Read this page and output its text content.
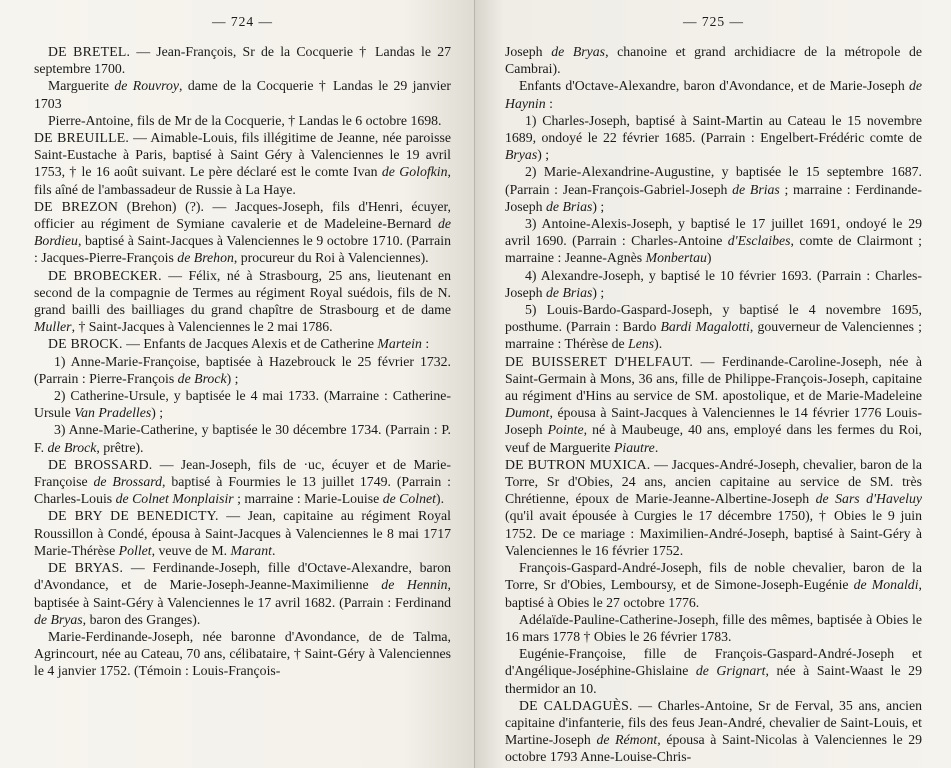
— 724 —

DE BRETEL. — Jean-François, Sr de la Cocquerie † Landas le 27 septembre 1700.

Marguerite de Rouvroy, dame de la Cocquerie † Landas le 29 janvier 1703

Pierre-Antoine, fils de Mr de la Cocquerie, † Landas le 6 octobre 1698.

DE BREUILLE. — Aimable-Louis, fils illégitime de Jeanne, née paroisse Saint-Eustache à Paris, baptisé à Saint Géry à Valenciennes le 19 avril 1753, † le 16 août suivant. Le père déclaré est le comte Ivan de Golofkin, fils aîné de l'ambassadeur de Russie à La Haye.

DE BREZON (Brehon) (?). — Jacques-Joseph, fils d'Henri, écuyer, officier au régiment de Symiane cavalerie et de Madeleine-Bernard de Bordieu, baptisé à Saint-Jacques à Valenciennes le 9 octobre 1710. (Parrain : Jacques-Pierre-François de Brehon, procureur du Roi à Valenciennes).

DE BROBECKER. — Félix, né à Strasbourg, 25 ans, lieutenant en second de la compagnie de Termes au régiment Royal suédois, fils de N. grand bailli des bailliages du grand chapître de Strasbourg et de dame Muller, † Saint-Jacques à Valenciennes le 2 mai 1786.

DE BROCK. — Enfants de Jacques Alexis et de Catherine Martein :

1) Anne-Marie-Françoise, baptisée à Hazebrouck le 25 février 1732. (Parrain : Pierre-François de Brock) ;

2) Catherine-Ursule, y baptisée le 4 mai 1733. (Marraine : Catherine-Ursule Van Pradelles) ;

3) Anne-Marie-Catherine, y baptisée le 30 décembre 1734. (Parrain : P. F. de Brock, prêtre).

DE BROSSARD. — Jean-Joseph, fils de ·uc, écuyer et de Marie-Françoise de Brossard, baptisé à Fourmies le 13 juillet 1749. (Parrain : Charles-Louis de Colnet Monplaisir ; marraine : Marie-Louise de Colnet).

DE BRY DE BENEDICTY. — Jean, capitaine au régiment Royal Roussillon à Condé, épousa à Saint-Jacques à Valenciennes le 8 mai 1717 Marie-Thérèse Pollet, veuve de M. Marant.

DE BRYAS. — Ferdinande-Joseph, fille d'Octave-Alexandre, baron d'Avondance, et de Marie-Joseph-Jeanne-Maximilienne de Hennin, baptisée à Saint-Géry à Valenciennes le 17 avril 1682. (Parrain : Ferdinand de Bryas, baron des Granges).

Marie-Ferdinande-Joseph, née baronne d'Avondance, de de Talma, Agrincourt, née au Cateau, 70 ans, célibataire, † Saint-Géry à Valenciennes le 4 janvier 1752. (Témoin : Louis-François-

— 725 —

Joseph de Bryas, chanoine et grand archidiacre de la métropole de Cambrai).

Enfants d'Octave-Alexandre, baron d'Avondance, et de Marie-Joseph de Haynin :

1) Charles-Joseph, baptisé à Saint-Martin au Cateau le 15 novembre 1689, ondoyé le 22 février 1685. (Parrain : Engelbert-Frédéric comte de Bryas) ;

2) Marie-Alexandrine-Augustine, y baptisée le 15 septembre 1687. (Parrain : Jean-François-Gabriel-Joseph de Brias ; marraine : Ferdinande-Joseph de Brias) ;

3) Antoine-Alexis-Joseph, y baptisé le 17 juillet 1691, ondoyé le 29 avril 1690. (Parrain : Charles-Antoine d'Esclaibes, comte de Clairmont ; marraine : Jeanne-Agnès Monbertau)

4) Alexandre-Joseph, y baptisé le 10 février 1693. (Parrain : Charles-Joseph de Brias) ;

5) Louis-Bardo-Gaspard-Joseph, y baptisé le 4 novembre 1695, posthume. (Parrain : Bardo Bardi Magalotti, gouverneur de Valenciennes ; marraine : Thérèse de Lens).

DE BUISSERET D'HELFAUT. — Ferdinande-Caroline-Joseph, née à Saint-Germain à Mons, 36 ans, fille de Philippe-François-Joseph, capitaine au régiment d'Hins au service de SM. apostolique, et de Marie-Madeleine Dumont, épousa à Saint-Jacques à Valenciennes le 14 février 1776 Louis-Joseph Pointe, né à Maubeuge, 40 ans, employé dans les fermes du Roi, veuf de Marguerite Piautre.

DE BUTRON MUXICA. — Jacques-André-Joseph, chevalier, baron de la Torre, Sr d'Obies, 24 ans, ancien capitaine au service de SM. très Chrétienne, époux de Marie-Jeanne-Albertine-Joseph de Sars d'Haveluy (qu'il avait épousée à Curgies le 17 décembre 1750), † Obies le 9 juin 1752. De ce mariage : Maximilien-André-Joseph, baptisé à Saint-Géry à Valenciennes le 16 février 1752.

François-Gaspard-André-Joseph, fils de noble chevalier, baron de la Torre, Sr d'Obies, Lemboursy, et de Simone-Joseph-Eugénie de Monaldi, baptisé à Obies le 27 octobre 1776.

Adélaïde-Pauline-Catherine-Joseph, fille des mêmes, baptisée à Obies le 16 mars 1778 † Obies le 26 février 1783.

Eugénie-Françoise, fille de François-Gaspard-André-Joseph et d'Angélique-Joséphine-Ghislaine de Grignart, née à Saint-Waast le 29 thermidor an 10.

DE CALDAGUÈS. — Charles-Antoine, Sr de Ferval, 35 ans, ancien capitaine d'infanterie, fils des feus Jean-André, chevalier de Saint-Louis, et Martine-Joseph de Rémont, épousa à Saint-Nicolas à Valenciennes le 29 octobre 1793 Anne-Louise-Chris-
